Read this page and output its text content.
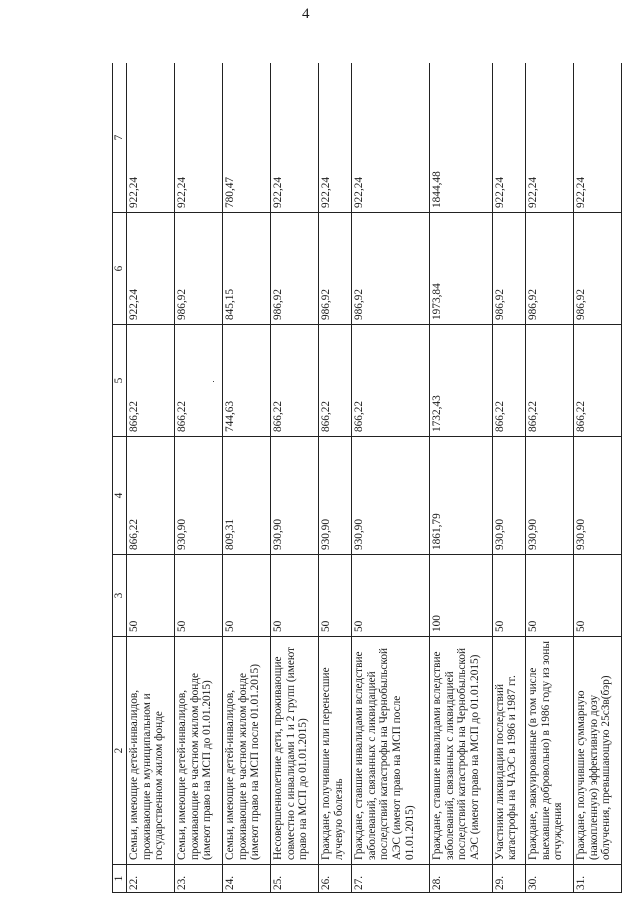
4
1	2	3	4	5	6	7
22.	Семьи, имеющие детей-инвалидов, проживающие в муниципальном и государственном жилом фонде	50	866,22	866,22	922,24	922,24
23.	Семьи, имеющие детей-инвалидов, проживающие в частном жилом фонде (имеют право на МСП до 01.01.2015)	50	930,90	866,22	986,92	922,24
24.	Семьи, имеющие детей-инвалидов, проживающие в частном жилом фонде (имеют право на МСП после 01.01.2015)	50	809,31	744,63	845,15	780,47
25.	Несовершеннолетние дети, проживающие совместно с инвалидами 1 и 2 групп (имеют право на МСП до 01.01.2015)	50	930,90	866,22	986,92	922,24
26.	Граждане, получившие или перенесшие лучевую болезнь	50	930,90	866,22	986,92	922,24
27.	Граждане, ставшие инвалидами вследствие заболеваний, связанных с ликвидацией последствий катастрофы на Чернобыльской АЭС (имеют право на МСП после 01.01.2015)	50	930,90	866,22	986,92	922,24
28.	Граждане, ставшие инвалидами вследствие заболеваний, связанных с ликвидацией последствий катастрофы на Чернобыльской АЭС (имеют право на МСП до 01.01.2015)	100	1861,79	1732,43	1973,84	1844,48
29.	Участники ликвидации последствий катастрофы на ЧАЭС в 1986 и 1987 гг.	50	930,90	866,22	986,92	922,24
30.	Граждане, эвакуированные (в том числе выехавшие добровольно) в 1986 году из зоны отчуждения	50	930,90	866,22	986,92	922,24
31.	Граждане, получившие суммарную (накопленную) эффективную дозу облучения, превышающую 25сЗв(бэр)	50	930,90	866,22	986,92	922,24
